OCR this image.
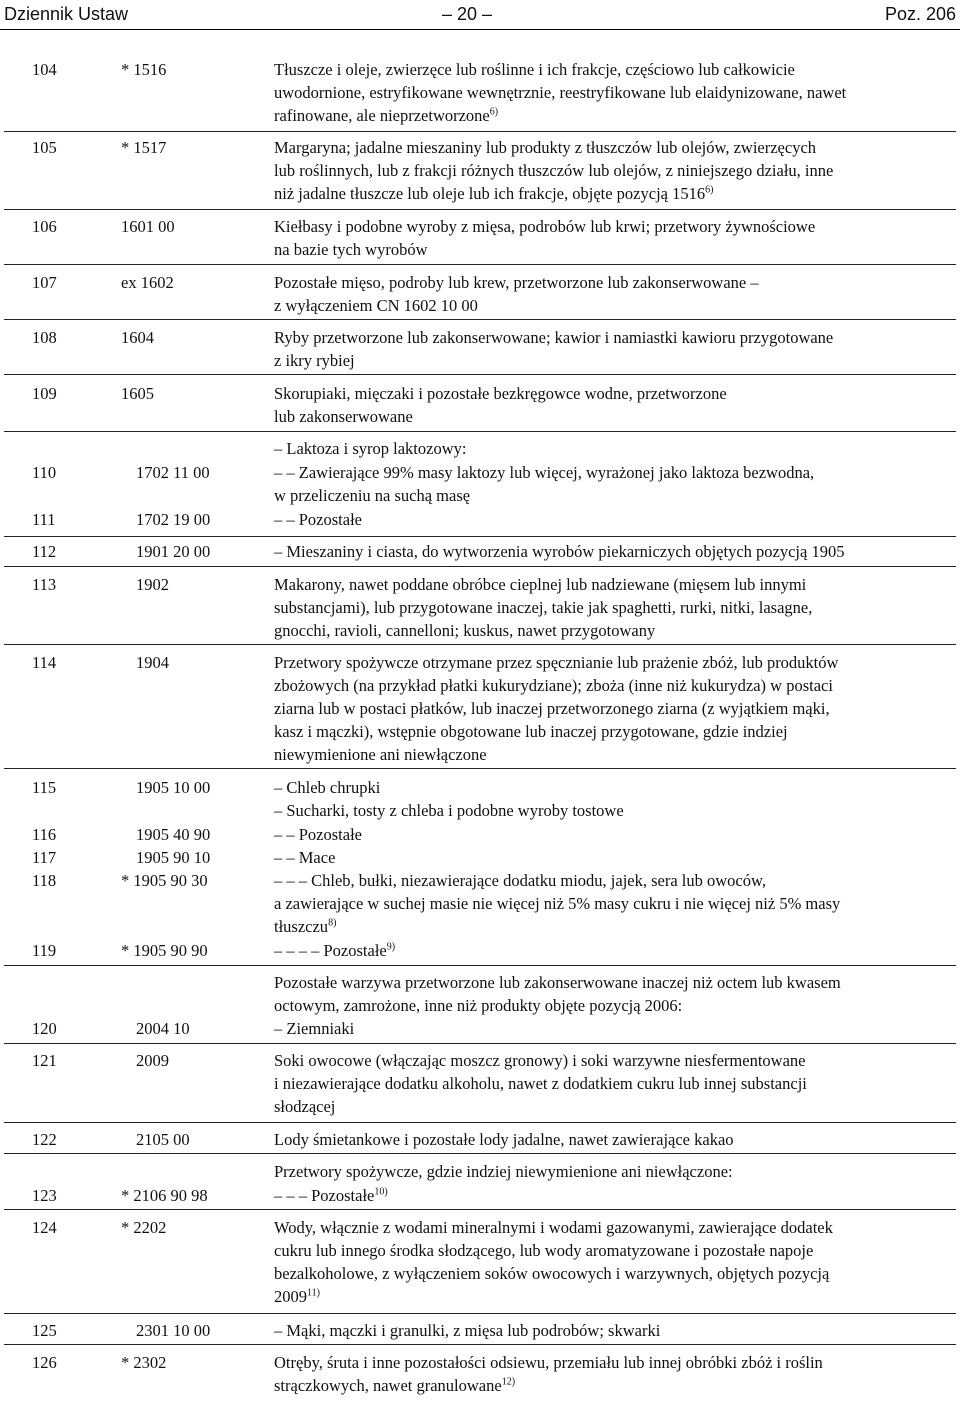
Dziennik Ustaw	– 20 –	Poz. 206
104	* 1516	Tłuszcze i oleje, zwierzęce lub roślinne i ich frakcje, częściowo lub całkowicie
uwodornione, estryfikowane wewnętrznie, reestryfikowane lub elaidynizowane, nawet
rafinowane, ale nieprzetworzone$^{6)}$
105	* 1517	Margaryna; jadalne mieszaniny lub produkty z tłuszczów lub olejów, zwierzęcych
lub roślinnych, lub z frakcji różnych tłuszczów lub olejów, z niniejszego działu, inne
niż jadalne tłuszcze lub oleje lub ich frakcje, objęte pozycją 1516$^{6)}$
106	1601 00	Kiełbasy i podobne wyroby z mięsa, podrobów lub krwi; przetwory żywnościowe
na bazie tych wyrobów
107	ex 1602	Pozostałe mięso, podroby lub krew, przetworzone lub zakonserwowane –
z wyłączeniem CN 1602 10 00
108	1604	Ryby przetworzone lub zakonserwowane; kawior i namiastki kawioru przygotowane
z ikry rybiej
109	1605	Skorupiaki, mięczaki i pozostałe bezkręgowce wodne, przetworzone
lub zakonserwowane
– Laktoza i syrop laktozowy:
110	1702 11 00	– – Zawierające 99% masy laktozy lub więcej, wyrażonej jako laktoza bezwodna,
w przeliczeniu na suchą masę
111	1702 19 00	– – Pozostałe
112	1901 20 00	– Mieszaniny i ciasta, do wytworzenia wyrobów piekarniczych objętych pozycją 1905
113	1902	Makarony, nawet poddane obróbce cieplnej lub nadziewane (mięsem lub innymi
substancjami), lub przygotowane inaczej, takie jak spaghetti, rurki, nitki, lasagne,
gnocchi, ravioli, cannelloni; kuskus, nawet przygotowany
114	1904	Przetwory spożywcze otrzymane przez spęcznianie lub prażenie zbóż, lub produktów
zbożowych (na przykład płatki kukurydziane); zboża (inne niż kukurydza) w postaci
ziarna lub w postaci płatków, lub inaczej przetworzonego ziarna (z wyjątkiem mąki,
kasz i mączki), wstępnie obgotowane lub inaczej przygotowane, gdzie indziej
niewymienione ani niewłączone
115	1905 10 00	– Chleb chrupki
– Sucharki, tosty z chleba i podobne wyroby tostowe
116	1905 40 90	– – Pozostałe
117	1905 90 10	– – Mace
118	* 1905 90 30	– – – Chleb, bułki, niezawierające dodatku miodu, jajek, sera lub owoców,
a zawierające w suchej masie nie więcej niż 5% masy cukru i nie więcej niż 5% masy
tłuszczu$^{8)}$
119	* 1905 90 90	– – – – Pozostałe$^{9)}$
Pozostałe warzywa przetworzone lub zakonserwowane inaczej niż octem lub kwasem
octowym, zamrożone, inne niż produkty objęte pozycją 2006:
120	2004 10	– Ziemniaki
121	2009	Soki owocowe (włączając moszcz gronowy) i soki warzywne niesfermentowane
i niezawierające dodatku alkoholu, nawet z dodatkiem cukru lub innej substancji
słodzącej
122	2105 00	Lody śmietankowe i pozostałe lody jadalne, nawet zawierające kakao
Przetwory spożywcze, gdzie indziej niewymienione ani niewłączone:
123	* 2106 90 98	– – – Pozostałe$^{10)}$
124	* 2202	Wody, włącznie z wodami mineralnymi i wodami gazowanymi, zawierające dodatek
cukru lub innego środka słodzącego, lub wody aromatyzowane i pozostałe napoje
bezalkoholowe, z wyłączeniem soków owocowych i warzywnych, objętych pozycją
2009$^{11)}$
125	2301 10 00	– Mąki, mączki i granulki, z mięsa lub podrobów; skwarki
126	* 2302	Otręby, śruta i inne pozostałości odsiewu, przemiału lub innej obróbki zbóż i roślin
strączkowych, nawet granulowane$^{12)}$
